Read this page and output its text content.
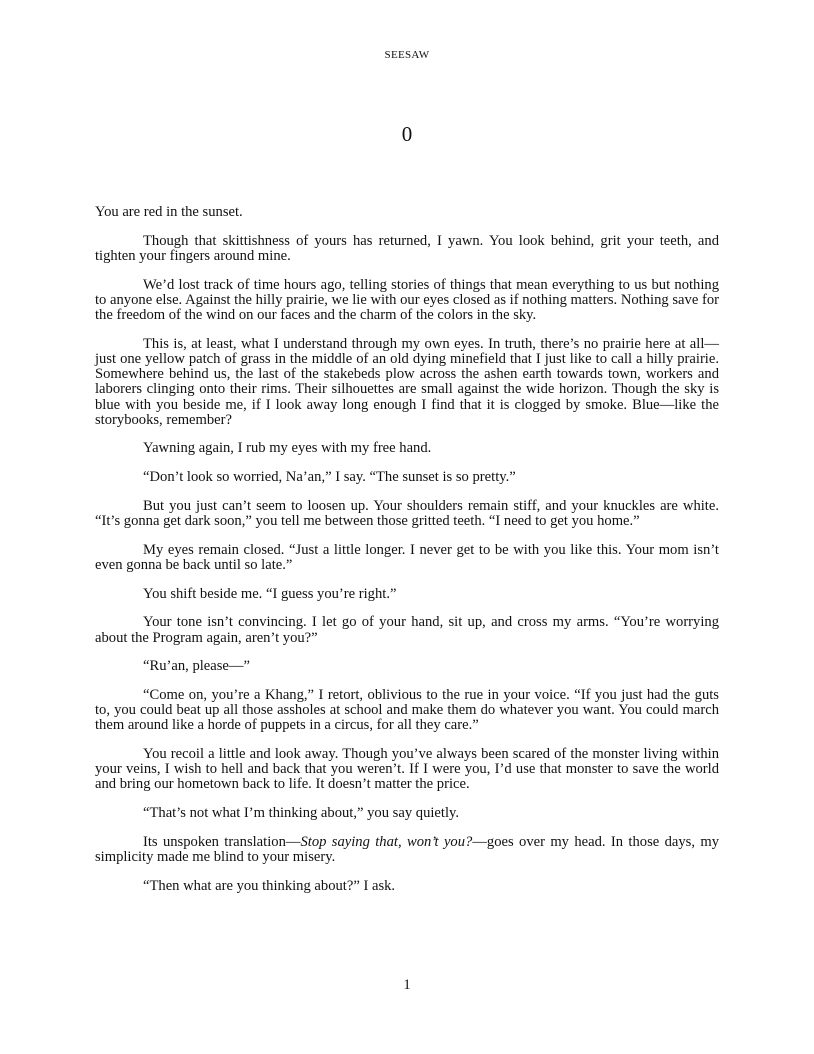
SEESAW
0

You are red in the sunset.

Though that skittishness of yours has returned, I yawn. You look behind, grit your teeth, and tighten your fingers around mine.

We’d lost track of time hours ago, telling stories of things that mean everything to us but nothing to anyone else. Against the hilly prairie, we lie with our eyes closed as if nothing matters. Nothing save for the freedom of the wind on our faces and the charm of the colors in the sky.

This is, at least, what I understand through my own eyes. In truth, there’s no prairie here at all—just one yellow patch of grass in the middle of an old dying minefield that I just like to call a hilly prairie. Somewhere behind us, the last of the stakebeds plow across the ashen earth towards town, workers and laborers clinging onto their rims. Their silhouettes are small against the wide horizon. Though the sky is blue with you beside me, if I look away long enough I find that it is clogged by smoke. Blue—like the storybooks, remember?

Yawning again, I rub my eyes with my free hand.

“Don’t look so worried, Na’an,” I say. “The sunset is so pretty.”

But you just can’t seem to loosen up. Your shoulders remain stiff, and your knuckles are white. “It’s gonna get dark soon,” you tell me between those gritted teeth. “I need to get you home.”

My eyes remain closed. “Just a little longer. I never get to be with you like this. Your mom isn’t even gonna be back until so late.”

You shift beside me. “I guess you’re right.”

Your tone isn’t convincing. I let go of your hand, sit up, and cross my arms. “You’re worrying about the Program again, aren’t you?”

“Ru’an, please—”

“Come on, you’re a Khang,” I retort, oblivious to the rue in your voice. “If you just had the guts to, you could beat up all those assholes at school and make them do whatever you want. You could march them around like a horde of puppets in a circus, for all they care.”

You recoil a little and look away. Though you’ve always been scared of the monster living within your veins, I wish to hell and back that you weren’t. If I were you, I’d use that monster to save the world and bring our hometown back to life. It doesn’t matter the price.

“That’s not what I’m thinking about,” you say quietly.

Its unspoken translation—Stop saying that, won’t you?—goes over my head. In those days, my simplicity made me blind to your misery.

“Then what are you thinking about?” I ask.

1
